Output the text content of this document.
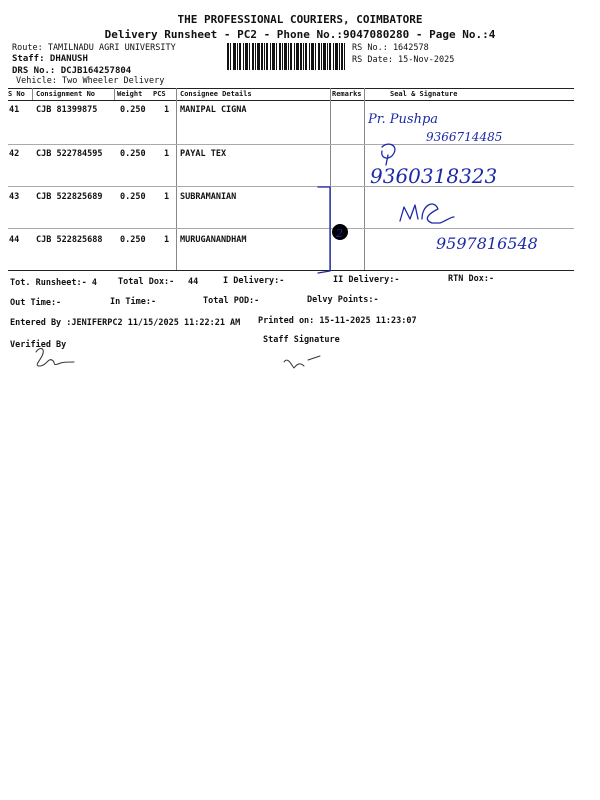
THE PROFESSIONAL COURIERS, COIMBATORE
Delivery Runsheet - PC2 - Phone No.:9047080280 - Page No.:4
Route: TAMILNADU AGRI UNIVERSITY
Staff: DHANUSH
DRS No.: DCJB164257804
Vehicle: Two Wheeler Delivery
RS No.: 1642578
RS Date: 15-Nov-2025
S No Consignment No	Weight PCS Consignee Details	Remarks	Seal & Signature
41 CJB 81399875	0.250 1 MANIPAL CIGNA
42 CJB 522784595 0.250 1 PAYAL TEX
43 CJB 522825689 0.250 1 SUBRAMANIAN
44 CJB 522825688 0.250 1 MURUGANANDHAM
Pr. Pushpa
9366714485
9360318323
2
9597816548
Tot. Runsheet:- 4 Total Dox:- 44	I Delivery:-	II Delivery:-	RTN Dox:-
Out Time:-	In Time:-	Total POD:-	Delvy Points:-
Entered By :JENIFERPC2 11/15/2025 11:22:21 AM Printed on: 15-11-2025 11:23:07
Verified By	Staff Signature
